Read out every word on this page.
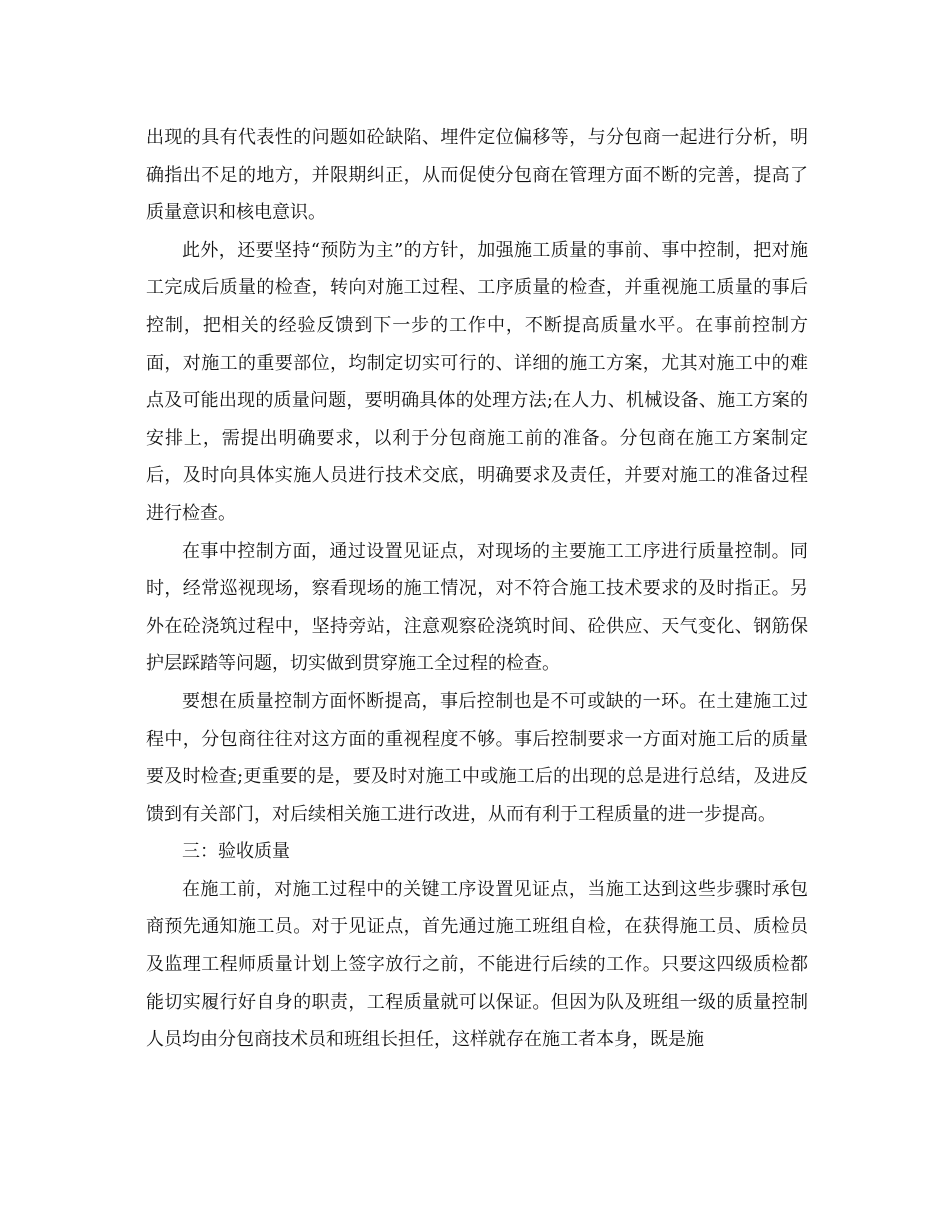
出现的具有代表性的问题如砼缺陷、埋件定位偏移等，与分包商一起进行分析，明确指出不足的地方，并限期纠正，从而促使分包商在管理方面不断的完善，提高了质量意识和核电意识。

此外，还要坚持“预防为主”的方针，加强施工质量的事前、事中控制，把对施工完成后质量的检查，转向对施工过程、工序质量的检查，并重视施工质量的事后控制，把相关的经验反馈到下一步的工作中，不断提高质量水平。在事前控制方面，对施工的重要部位，均制定切实可行的、详细的施工方案，尤其对施工中的难点及可能出现的质量问题，要明确具体的处理方法;在人力、机械设备、施工方案的安排上，需提出明确要求，以利于分包商施工前的准备。分包商在施工方案制定后，及时向具体实施人员进行技术交底，明确要求及责任，并要对施工的准备过程进行检查。

在事中控制方面，通过设置见证点，对现场的主要施工工序进行质量控制。同时，经常巡视现场，察看现场的施工情况，对不符合施工技术要求的及时指正。另外在砼浇筑过程中，坚持旁站，注意观察砼浇筑时间、砼供应、天气变化、钢筋保护层踩踏等问题，切实做到贯穿施工全过程的检查。

要想在质量控制方面怀断提高，事后控制也是不可或缺的一环。在土建施工过程中，分包商往往对这方面的重视程度不够。事后控制要求一方面对施工后的质量要及时检查;更重要的是，要及时对施工中或施工后的出现的总是进行总结，及进反馈到有关部门，对后续相关施工进行改进，从而有利于工程质量的进一步提高。

三：验收质量

在施工前，对施工过程中的关键工序设置见证点，当施工达到这些步骤时承包商预先通知施工员。对于见证点，首先通过施工班组自检，在获得施工员、质检员及监理工程师质量计划上签字放行之前，不能进行后续的工作。只要这四级质检都能切实履行好自身的职责，工程质量就可以保证。但因为队及班组一级的质量控制人员均由分包商技术员和班组长担任，这样就存在施工者本身，既是施
